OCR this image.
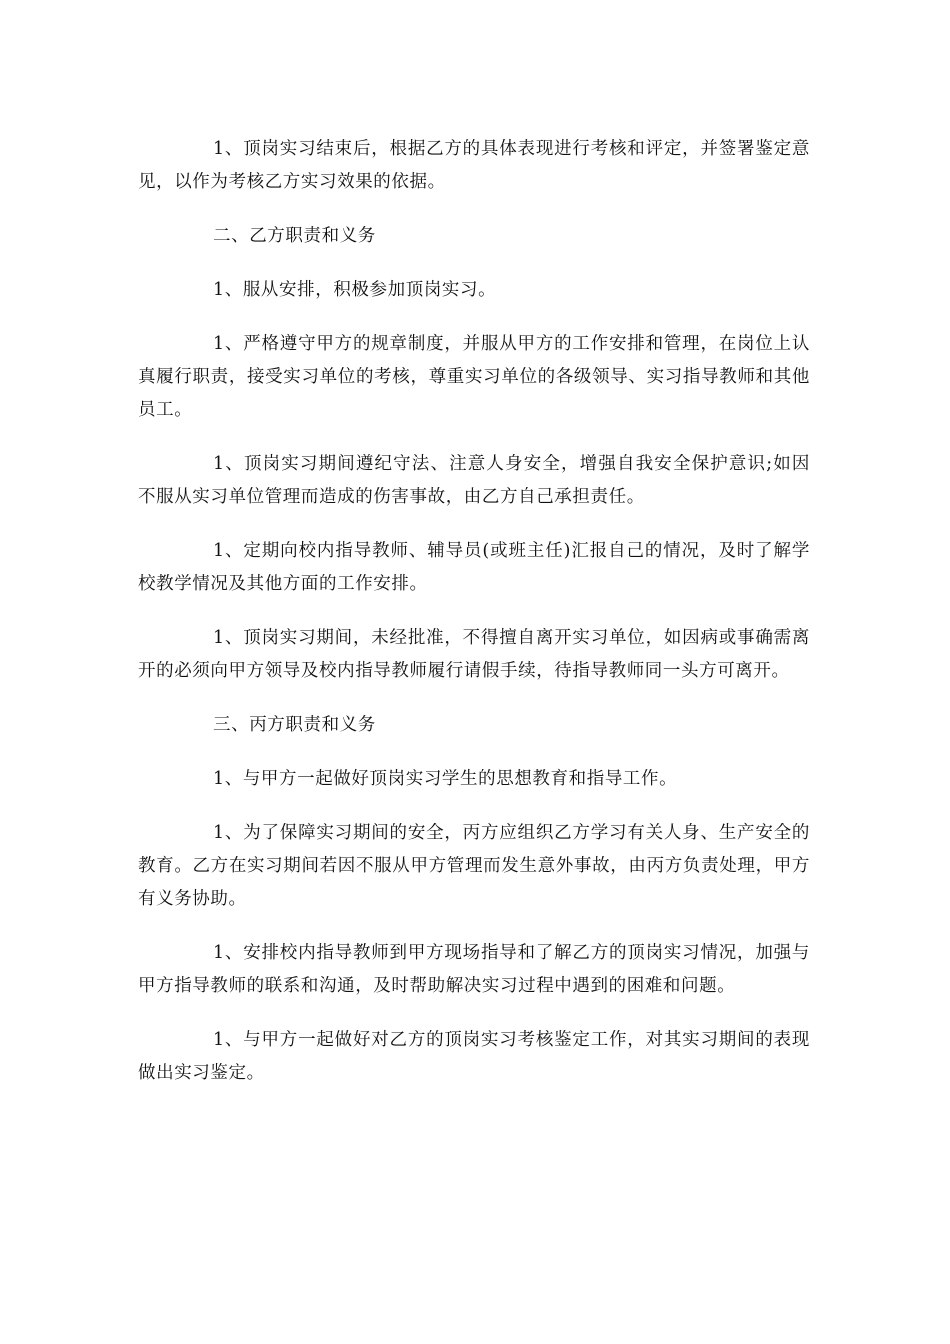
1、顶岗实习结束后，根据乙方的具体表现进行考核和评定，并签署鉴定意见，以作为考核乙方实习效果的依据。

二、乙方职责和义务

1、服从安排，积极参加顶岗实习。

1、严格遵守甲方的规章制度，并服从甲方的工作安排和管理，在岗位上认真履行职责，接受实习单位的考核，尊重实习单位的各级领导、实习指导教师和其他员工。

1、顶岗实习期间遵纪守法、注意人身安全，增强自我安全保护意识;如因不服从实习单位管理而造成的伤害事故，由乙方自己承担责任。

1、定期向校内指导教师、辅导员(或班主任)汇报自己的情况，及时了解学校教学情况及其他方面的工作安排。

1、顶岗实习期间，未经批准，不得擅自离开实习单位，如因病或事确需离开的必须向甲方领导及校内指导教师履行请假手续，待指导教师同一头方可离开。

三、丙方职责和义务

1、与甲方一起做好顶岗实习学生的思想教育和指导工作。

1、为了保障实习期间的安全，丙方应组织乙方学习有关人身、生产安全的教育。乙方在实习期间若因不服从甲方管理而发生意外事故，由丙方负责处理，甲方有义务协助。

1、安排校内指导教师到甲方现场指导和了解乙方的顶岗实习情况，加强与甲方指导教师的联系和沟通，及时帮助解决实习过程中遇到的困难和问题。

1、与甲方一起做好对乙方的顶岗实习考核鉴定工作，对其实习期间的表现做出实习鉴定。
